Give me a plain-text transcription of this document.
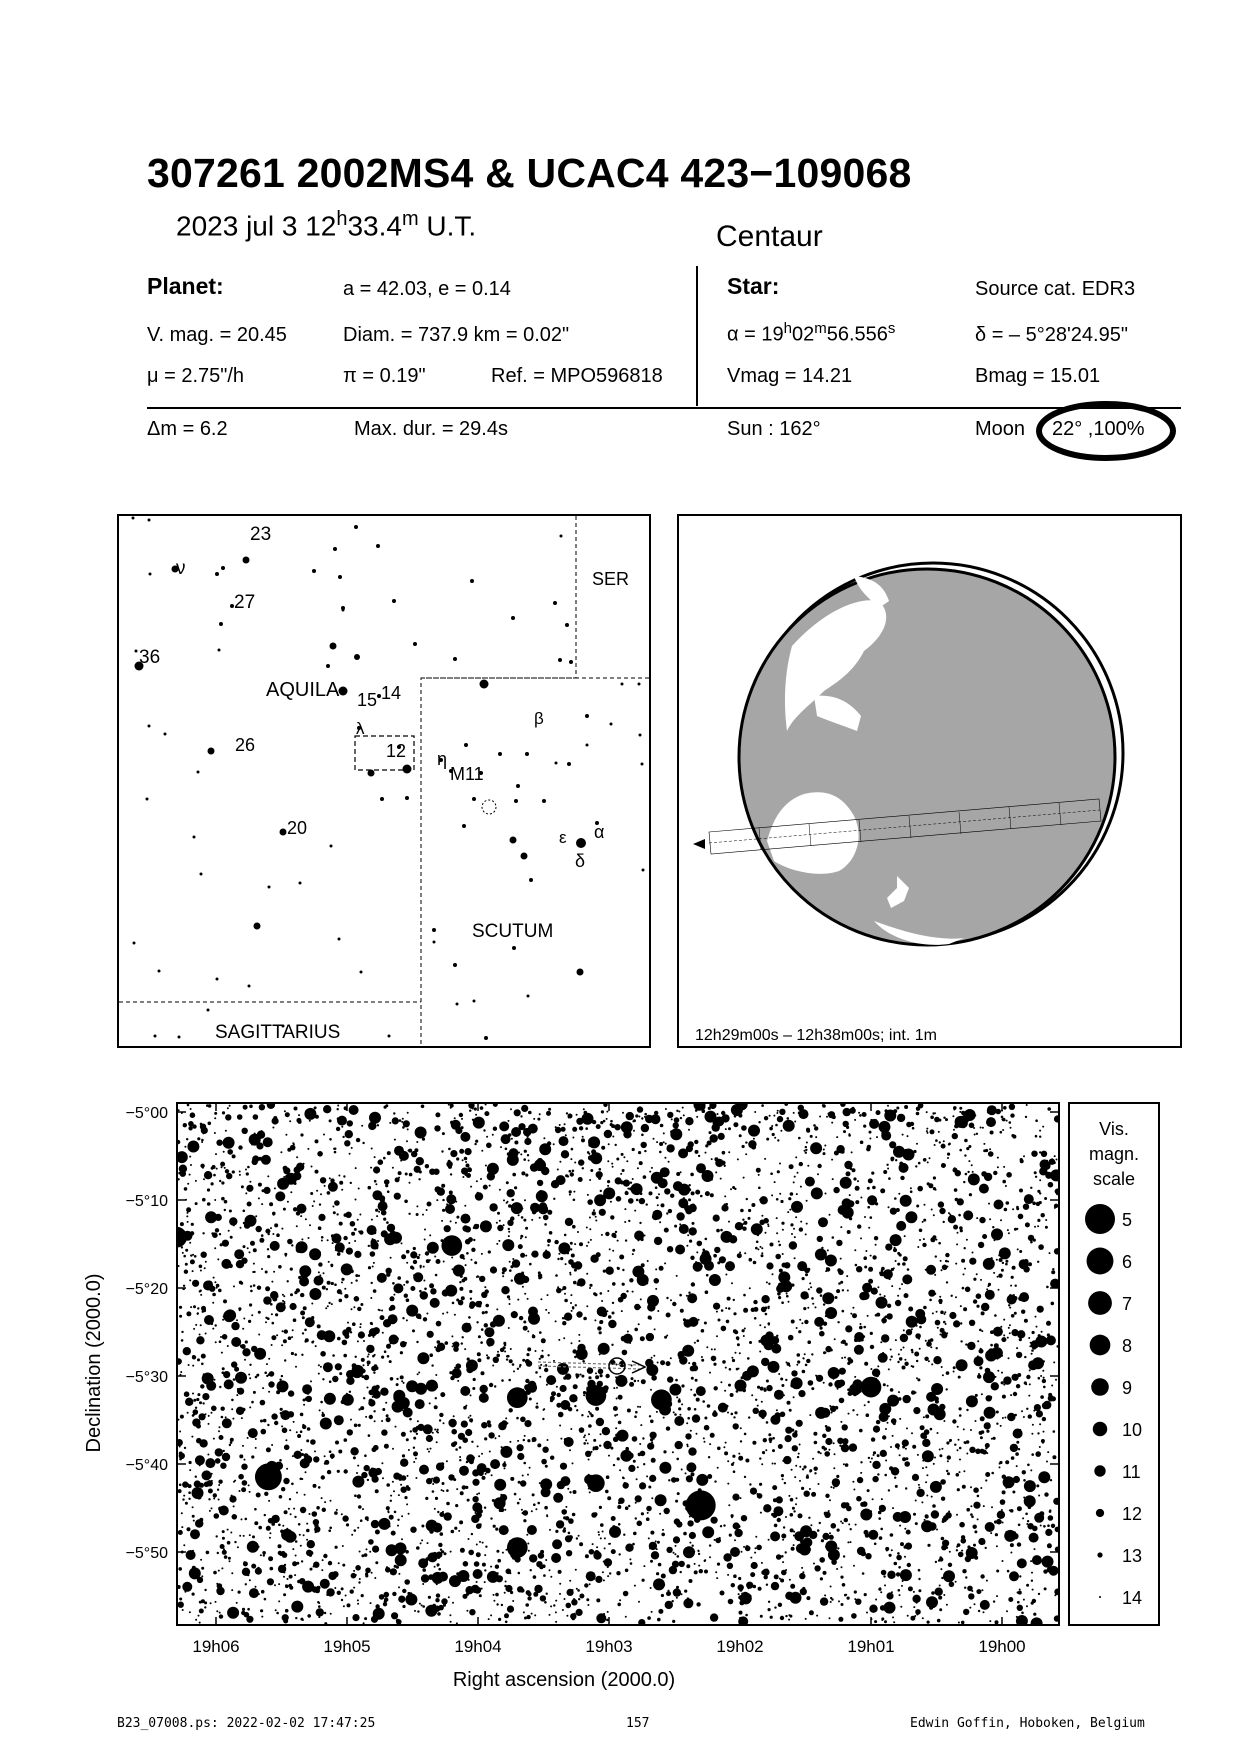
307261 2002MS4 & UCAC4 423−109068
2023 jul 3 12$^h$33.4$^m$ U.T.	Centaur
Planet:	a = 42.03, e = 0.14
V. mag. = 20.45	Diam. = 737.9 km = 0.02"
μ = 2.75"/h	π = 0.19"	Ref. = MPO596818
Star:	Source cat. EDR3
$\alpha = 19^h02^m56.556^s$	δ = – 5°28'24.95"
Vmag = 14.21	Bmag = 15.01
Δm = 6.2	Max. dur. = 29.4s	Sun : 162°	Moon 22° ,100%
23
ν
27
36
SER
AQUILA 15 14
λ
β
26	12 η
M11
20	ε α
δ
SCUTUM
SAGITTARIUS	12h29m00s – 12h38m00s; int. 1m
19h06	19h05	19h04	19h03	19h02	19h01	19h00
−5°00
−5°10
−5°20
−5°30
−5°40
−5°50
Right ascension (2000.0)
Declination (2000.0)
Vis.
magn.
scale
5
6
7
8
9
10
11
12
13
14
B23_07008.ps: 2022-02-02 17:47:25	157	Edwin Goffin, Hoboken, Belgium
